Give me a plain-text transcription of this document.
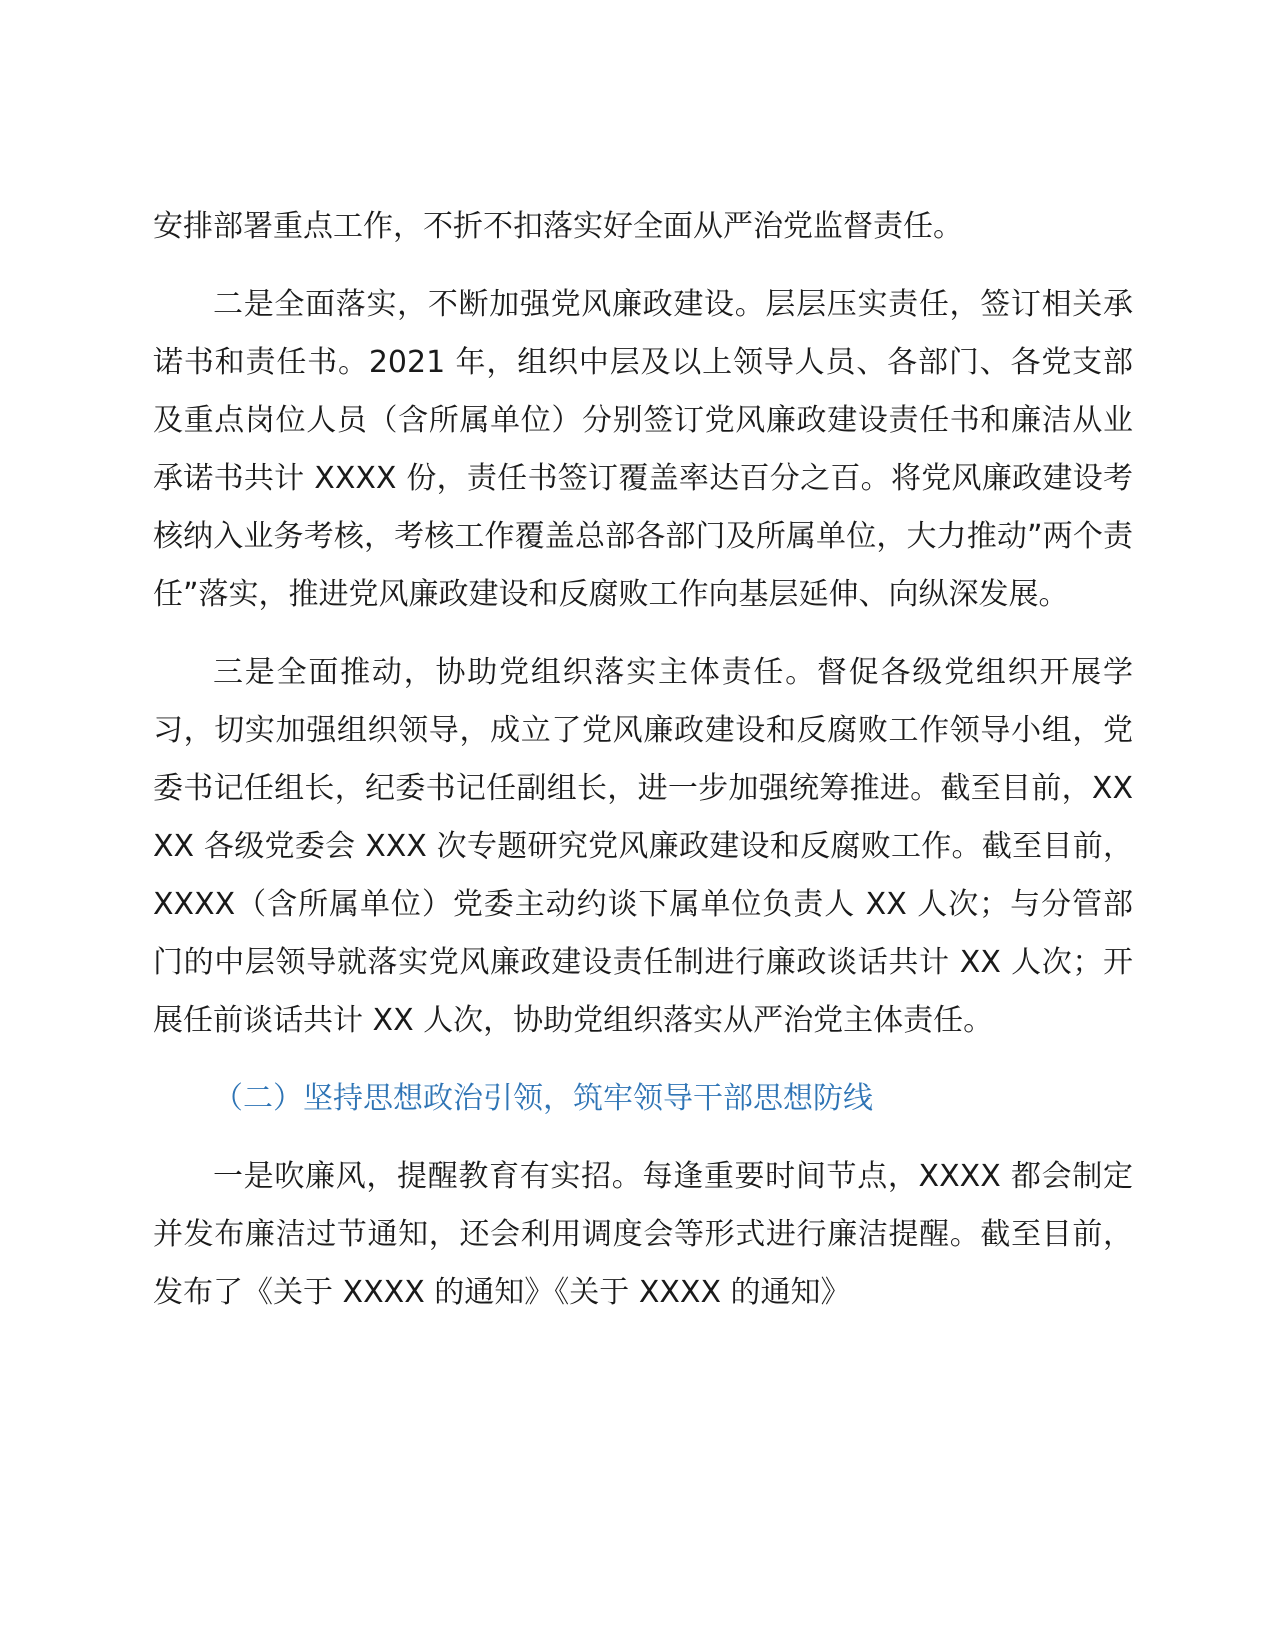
安排部署重点工作，不折不扣落实好全面从严治党监督责任。

二是全面落实，不断加强党风廉政建设。层层压实责任，签订相关承诺书和责任书。2021 年，组织中层及以上领导人员、各部门、各党支部及重点岗位人员（含所属单位）分别签订党风廉政建设责任书和廉洁从业承诺书共计 XXXX 份，责任书签订覆盖率达百分之百。将党风廉政建设考核纳入业务考核，考核工作覆盖总部各部门及所属单位，大力推动”两个责任”落实，推进党风廉政建设和反腐败工作向基层延伸、向纵深发展。

三是全面推动，协助党组织落实主体责任。督促各级党组织开展学习，切实加强组织领导，成立了党风廉政建设和反腐败工作领导小组，党委书记任组长，纪委书记任副组长，进一步加强统筹推进。截至目前，XXXX 各级党委会 XXX 次专题研究党风廉政建设和反腐败工作。截至目前，XXXX（含所属单位）党委主动约谈下属单位负责人 XX 人次；与分管部门的中层领导就落实党风廉政建设责任制进行廉政谈话共计 XX 人次；开展任前谈话共计 XX 人次，协助党组织落实从严治党主体责任。

（二）坚持思想政治引领，筑牢领导干部思想防线

一是吹廉风，提醒教育有实招。每逢重要时间节点，XXXX 都会制定并发布廉洁过节通知，还会利用调度会等形式进行廉洁提醒。截至目前，发布了《关于 XXXX 的通知》《关于 XXXX 的通知》
